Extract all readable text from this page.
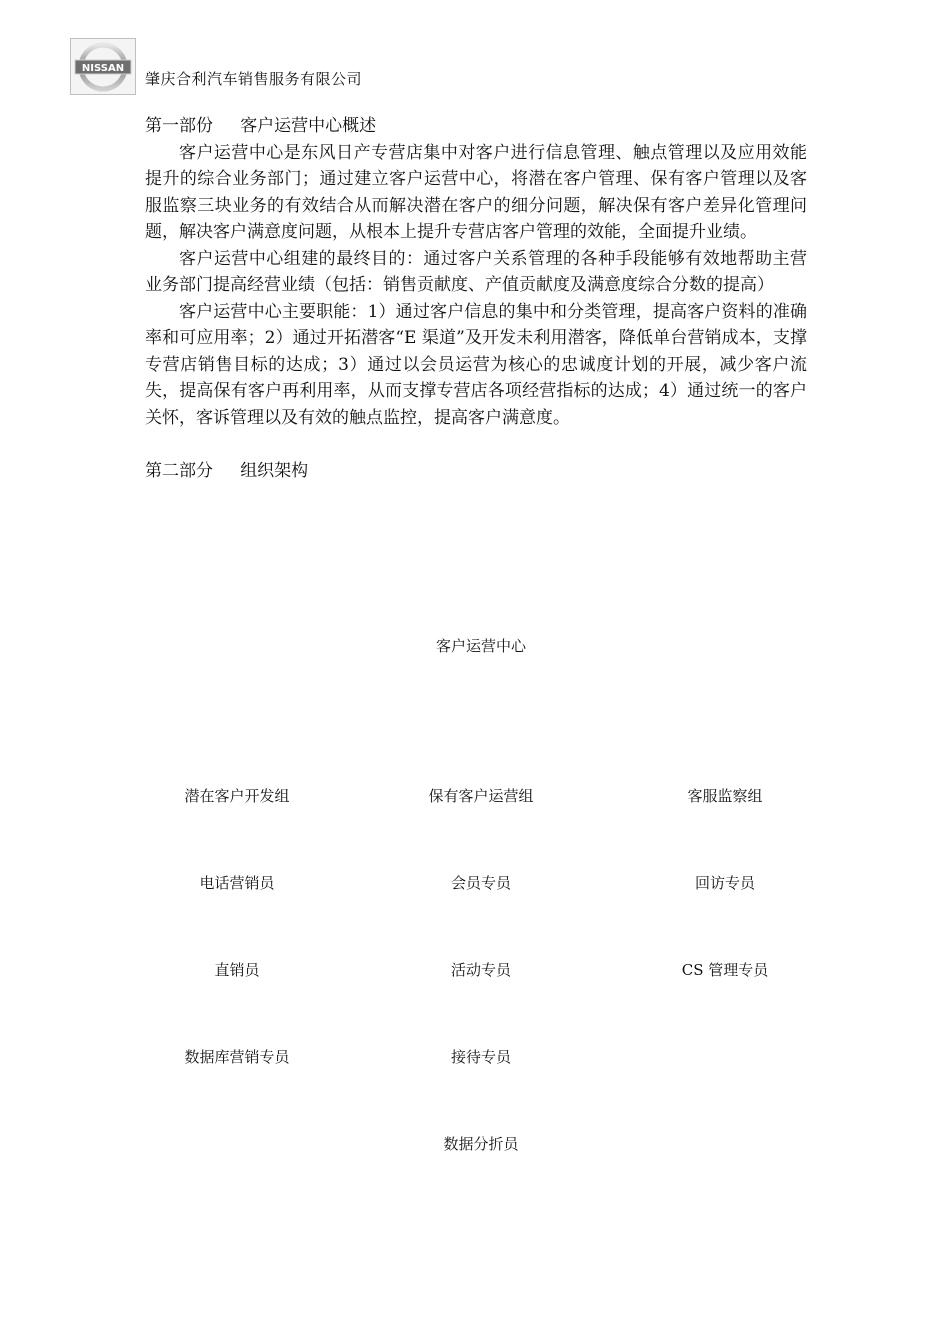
NISSAN
肇庆合利汽车销售服务有限公司

第一部份 客户运营中心概述

客户运营中心是东风日产专营店集中对客户进行信息管理、触点管理以及应用效能提升的综合业务部门；通过建立客户运营中心，将潜在客户管理、保有客户管理以及客服监察三块业务的有效结合从而解决潜在客户的细分问题，解决保有客户差异化管理问题，解决客户满意度问题，从根本上提升专营店客户管理的效能，全面提升业绩。

客户运营中心组建的最终目的：通过客户关系管理的各种手段能够有效地帮助主营业务部门提高经营业绩（包括：销售贡献度、产值贡献度及满意度综合分数的提高）

客户运营中心主要职能：1）通过客户信息的集中和分类管理，提高客户资料的准确率和可应用率；2）通过开拓潜客“E 渠道”及开发未利用潜客，降低单台营销成本，支撑专营店销售目标的达成；3）通过以会员运营为核心的忠诚度计划的开展，减少客户流失，提高保有客户再利用率，从而支撑专营店各项经营指标的达成；4）通过统一的客户关怀，客诉管理以及有效的触点监控，提高客户满意度。

第二部分 组织架构

客户运营中心
潜在客户开发组	保有客户运营组	客服监察组
电话营销员
直销员
数据库营销专员
会员专员
活动专员
接待专员
回访专员
CS 管理专员
数据分折员
